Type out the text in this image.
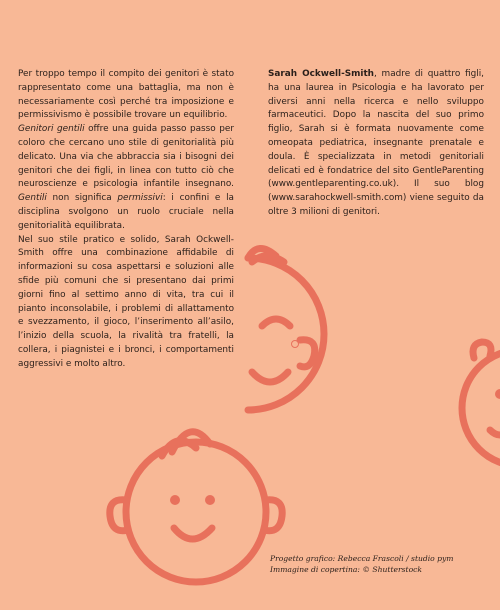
Per troppo tempo il compito dei genitori è stato rappresentato come una battaglia, ma non è necessariamente così perché tra imposizione e permissivismo è possibile trovare un equilibrio.

Genitori gentili offre una guida passo passo per coloro che cercano uno stile di genitorialità più delicato. Una via che abbraccia sia i bisogni dei genitori che dei figli, in linea con tutto ciò che neuroscienze e psicologia infantile insegnano. Gentili non significa permissivi: i confini e la disciplina svolgono un ruolo cruciale nella genitorialità equilibrata.

Nel suo stile pratico e solido, Sarah Ockwell-Smith offre una combinazione affidabile di informazioni su cosa aspettarsi e soluzioni alle sfide più comuni che si presentano dai primi giorni fino al settimo anno di vita, tra cui il pianto inconsolabile, i problemi di allattamento e svezzamento, il gioco, l’inserimento all’asilo, l’inizio della scuola, la rivalità tra fratelli, la collera, i piagnistei e i bronci, i comportamenti aggressivi e molto altro.

Sarah Ockwell-Smith, madre di quattro figli, ha una laurea in Psicologia e ha lavorato per diversi anni nella ricerca e nello sviluppo farmaceutici. Dopo la nascita del suo primo figlio, Sarah si è formata nuovamente come omeopata pediatrica, insegnante prenatale e doula. È specializzata in metodi genitoriali delicati ed è fondatrice del sito GentleParenting (www.gentleparenting.co.uk). Il suo blog (www.sarahockwell-smith.com) viene seguito da oltre 3 milioni di genitori.

Progetto grafico: Rebecca Frascoli / studio pym
Immagine di copertina: © Shutterstock
